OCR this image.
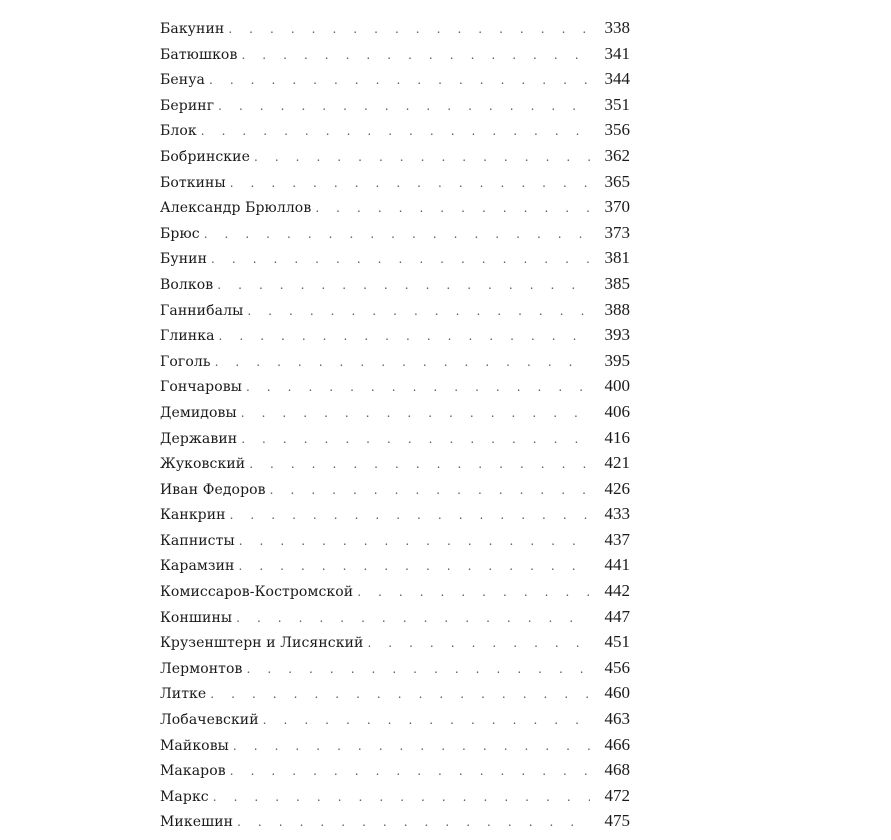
Бакунин . . .	338
Батюшков . . .	341
Бенуа . . .	344
Беринг . . .	351
Блок . . .	356
Бобринские . . .	362
Боткины . . .	365
Александр Брюллов . . .	370
Брюс . . .	373
Бунин . . .	381
Волков . . .	385
Ганнибалы . . .	388
Глинка . . .	393
Гоголь . . .	395
Гончаровы . . .	400
Демидовы . . .	406
Державин . . .	416
Жуковский . . .	421
Иван Федоров . . .	426
Канкрин . . .	433
Капнисты . . .	437
Карамзин . . .	441
Комиссаров-Костромской . . .	442
Коншины . . .	447
Крузенштерн и Лисянский . . .	451
Лермонтов . . .	456
Литке . . .	460
Лобачевский . . .	463
Майковы . . .	466
Макаров . . .	468
Маркс . . .	472
Микешин . . .	475
